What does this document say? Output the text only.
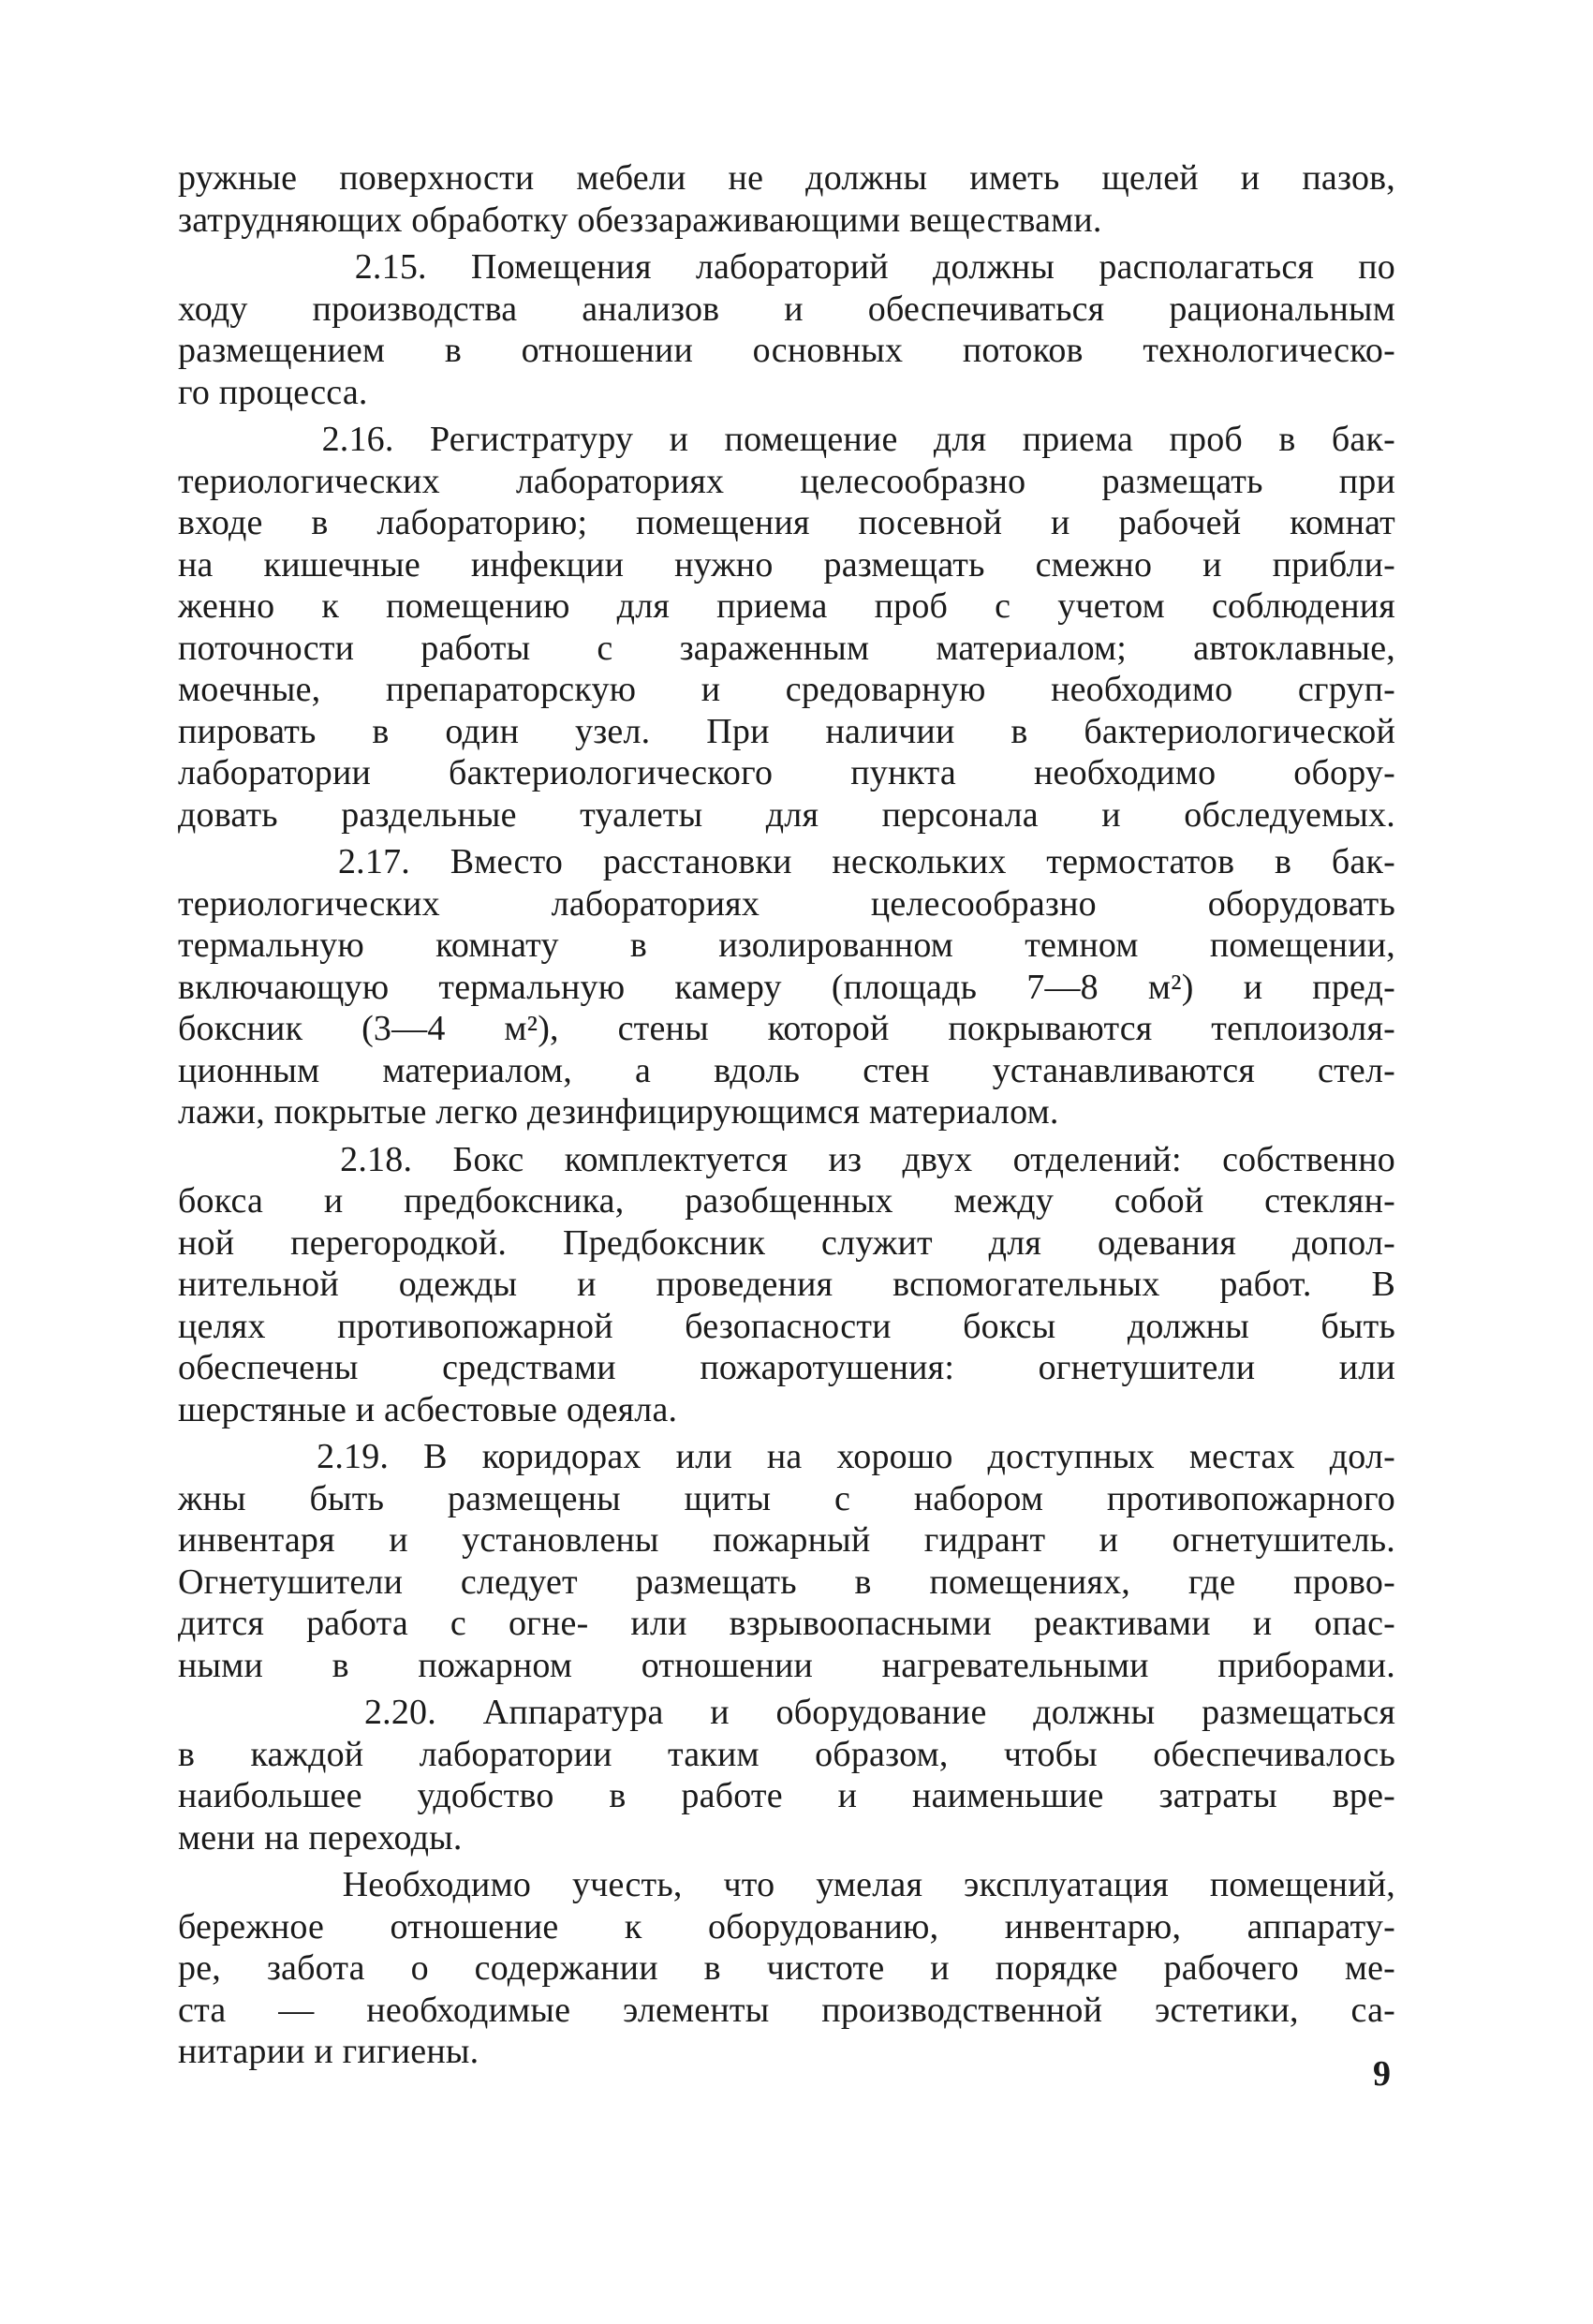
ружные поверхности мебели не должны иметь щелей и пазов,
затрудняющих обработку обеззараживающими веществами.
2.15. Помещения лабораторий должны располагаться по
ходу производства анализов и обеспечиваться рациональным
размещением в отношении основных потоков технологическо-
го процесса.
2.16. Регистратуру и помещение для приема проб в бак-
териологических лабораториях целесообразно размещать при
входе в лабораторию; помещения посевной и рабочей комнат
на кишечные инфекции нужно размещать смежно и прибли-
женно к помещению для приема проб с учетом соблюдения
поточности работы с зараженным материалом; автоклавные,
моечные, препараторскую и средоварную необходимо сгруп-
пировать в один узел. При наличии в бактериологической
лаборатории бактериологического пункта необходимо обору-
довать раздельные туалеты для персонала и обследуемых.
2.17. Вместо расстановки нескольких термостатов в бак-
териологических лабораториях целесообразно оборудовать
термальную комнату в изолированном темном помещении,
включающую термальную камеру (площадь 7—8 м²) и пред-
боксник (3—4 м²), стены которой покрываются теплоизоля-
ционным материалом, а вдоль стен устанавливаются стел-
лажи, покрытые легко дезинфицирующимся материалом.
2.18. Бокс комплектуется из двух отделений: собственно
бокса и предбоксника, разобщенных между собой стеклян-
ной перегородкой. Предбоксник служит для одевания допол-
нительной одежды и проведения вспомогательных работ. В
целях противопожарной безопасности боксы должны быть
обеспечены средствами пожаротушения: огнетушители или
шерстяные и асбестовые одеяла.
2.19. В коридорах или на хорошо доступных местах дол-
жны быть размещены щиты с набором противопожарного
инвентаря и установлены пожарный гидрант и огнетушитель.
Огнетушители следует размещать в помещениях, где прово-
дится работа с огне- или взрывоопасными реактивами и опас-
ными в пожарном отношении нагревательными приборами.
2.20. Аппаратура и оборудование должны размещаться
в каждой лаборатории таким образом, чтобы обеспечивалось
наибольшее удобство в работе и наименьшие затраты вре-
мени на переходы.
Необходимо учесть, что умелая эксплуатация помещений,
бережное отношение к оборудованию, инвентарю, аппарату-
ре, забота о содержании в чистоте и порядке рабочего ме-
ста — необходимые элементы производственной эстетики, са-
нитарии и гигиены.
9
